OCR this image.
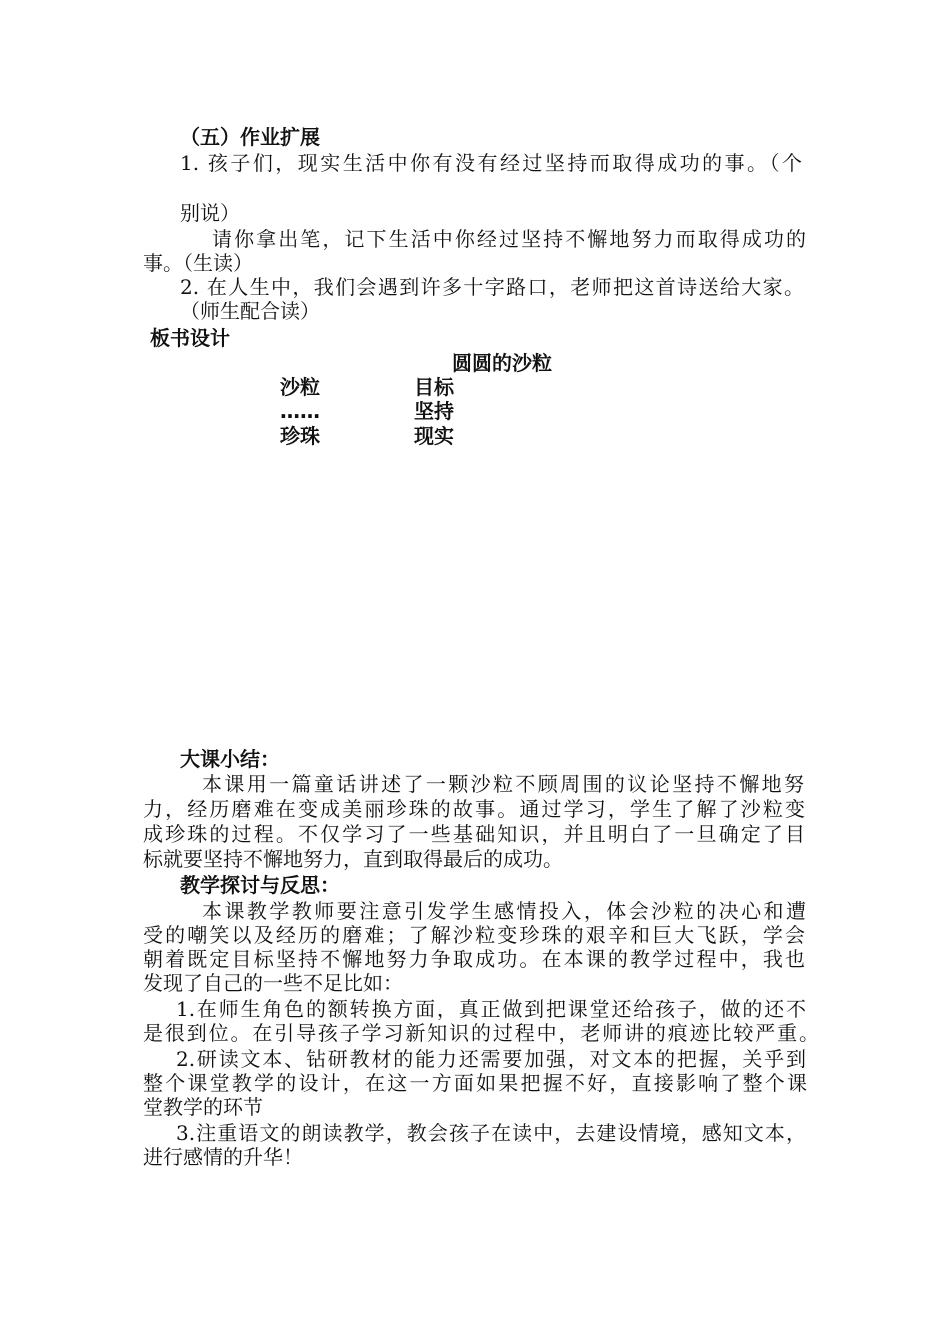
（五）作业扩展

1. 孩子们，现实生活中你有没有经过坚持而取得成功的事。（个

别说）

请你拿出笔，记下生活中你经过坚持不懈地努力而取得成功的

事。（生读）

2. 在人生中，我们会遇到许多十字路口，老师把这首诗送给大家。

（师生配合读）

板书设计

圆圆的沙粒

沙粒	目标

……	坚持

珍珠	现实

大课小结：

本课用一篇童话讲述了一颗沙粒不顾周围的议论坚持不懈地努

力，经历磨难在变成美丽珍珠的故事。通过学习，学生了解了沙粒变

成珍珠的过程。不仅学习了一些基础知识，并且明白了一旦确定了目

标就要坚持不懈地努力，直到取得最后的成功。

教学探讨与反思：

本课教学教师要注意引发学生感情投入，体会沙粒的决心和遭

受的嘲笑以及经历的磨难；了解沙粒变珍珠的艰辛和巨大飞跃，学会

朝着既定目标坚持不懈地努力争取成功。在本课的教学过程中，我也

发现了自己的一些不足比如：

1.在师生角色的额转换方面，真正做到把课堂还给孩子，做的还不

是很到位。在引导孩子学习新知识的过程中，老师讲的痕迹比较严重。

2.研读文本、钻研教材的能力还需要加强，对文本的把握，关乎到

整个课堂教学的设计，在这一方面如果把握不好，直接影响了整个课

堂教学的环节

3.注重语文的朗读教学，教会孩子在读中，去建设情境，感知文本，

进行感情的升华！
